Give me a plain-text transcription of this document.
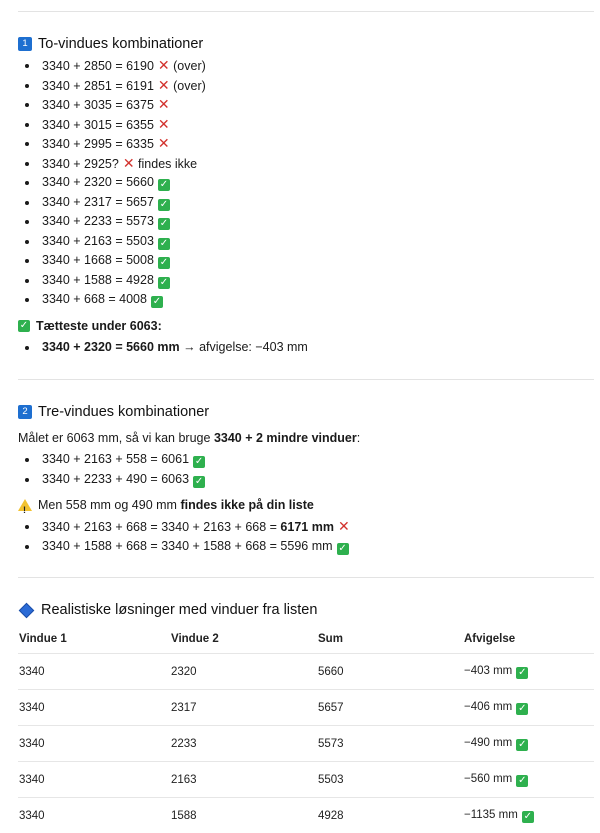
1 To-vindues kombinationer
3340 + 2850 = 6190 ✕ (over)
3340 + 2851 = 6191 ✕ (over)
3340 + 3035 = 6375 ✕
3340 + 3015 = 6355 ✕
3340 + 2995 = 6335 ✕
3340 + 2925? ✕ findes ikke
3340 + 2320 = 5660 ✓
3340 + 2317 = 5657 ✓
3340 + 2233 = 5573 ✓
3340 + 2163 = 5503 ✓
3340 + 1668 = 5008 ✓
3340 + 1588 = 4928 ✓
3340 + 668 = 4008 ✓
✓ Tætteste under 6063:
3340 + 2320 = 5660 mm → afvigelse: −403 mm
2 Tre-vindues kombinationer

Målet er 6063 mm, så vi kan bruge 3340 + 2 mindre vinduer:

3340 + 2163 + 558 = 6061 ✓
3340 + 2233 + 490 = 6063 ✓
! Men 558 mm og 490 mm
findes ikke på din liste
3340 + 2163 + 668 = 3340 + 2163 + 668 = 6171 mm ✕
3340 + 1588 + 668 = 3340 + 1588 + 668 = 5596 mm ✓
Realistiske løsninger med vinduer fra listen
Vindue 1	Vindue 2	Sum	Afvigelse
3340	2320	5660	−403 mm ✓
3340	2317	5657	−406 mm ✓
3340	2233	5573	−490 mm ✓
3340	2163	5503	−560 mm ✓
3340	1588	4928	−1135 mm ✓
